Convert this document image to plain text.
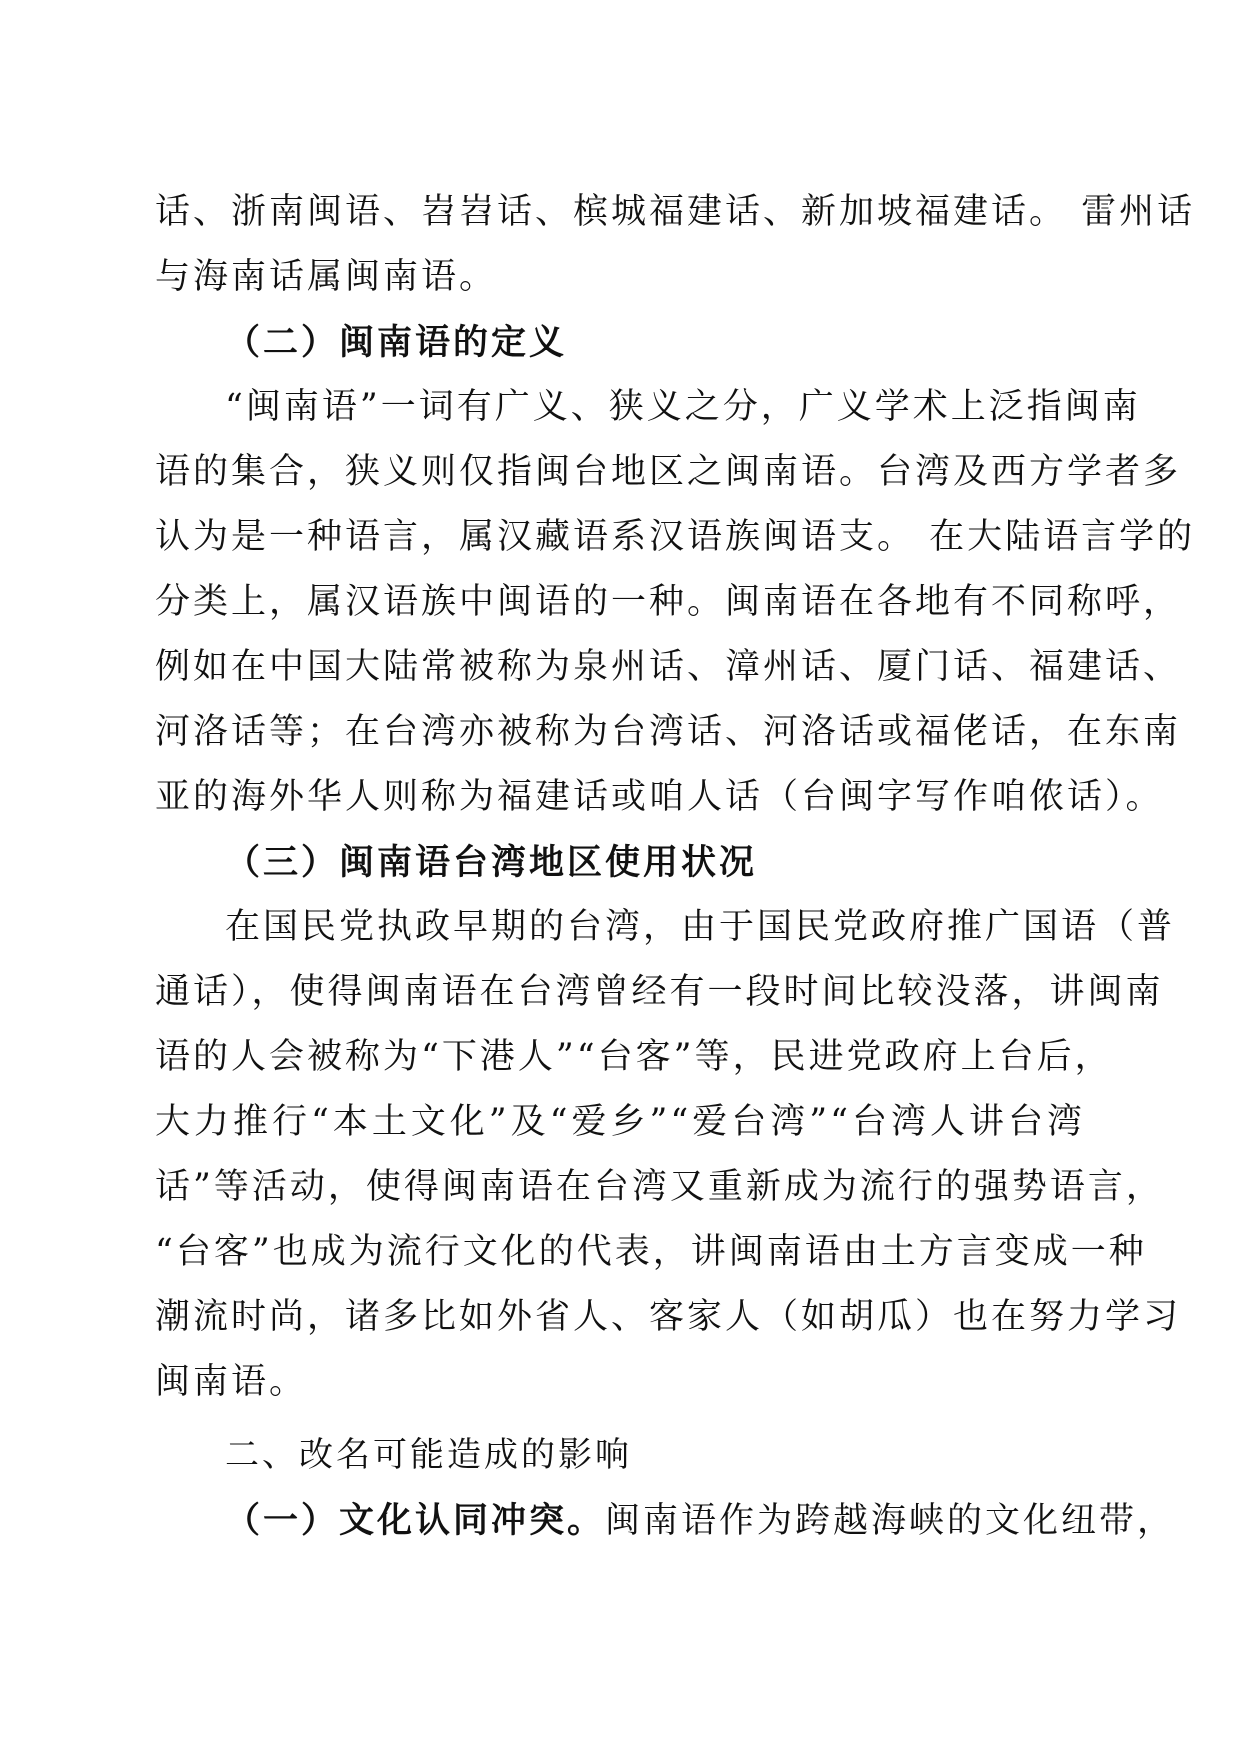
话、浙南闽语、岧岧话、槟城福建话、新加坡福建话。 雷州话
与海南话属闽南语。
（二）闽南语的定义
“闽南语”一词有广义、狭义之分，广义学术上泛指闽南
语的集合，狭义则仅指闽台地区之闽南语。台湾及西方学者多
认为是一种语言，属汉藏语系汉语族闽语支。 在大陆语言学的
分类上，属汉语族中闽语的一种。闽南语在各地有不同称呼，
例如在中国大陆常被称为泉州话、漳州话、厦门话、福建话、
河洛话等；在台湾亦被称为台湾话、河洛话或福佬话，在东南
亚的海外华人则称为福建话或咱人话（台闽字写作咱侬话）。
（三）闽南语台湾地区使用状况
在国民党执政早期的台湾，由于国民党政府推广国语（普
通话），使得闽南语在台湾曾经有一段时间比较没落，讲闽南
语的人会被称为“下港人”“台客”等，民进党政府上台后，
大力推行“本土文化”及“爱乡”“爱台湾”“台湾人讲台湾
话”等活动，使得闽南语在台湾又重新成为流行的强势语言，
“台客”也成为流行文化的代表，讲闽南语由土方言变成一种
潮流时尚，诸多比如外省人、客家人（如胡瓜）也在努力学习
闽南语。
二、改名可能造成的影响
（一）文化认同冲突。闽南语作为跨越海峡的文化纽带，
